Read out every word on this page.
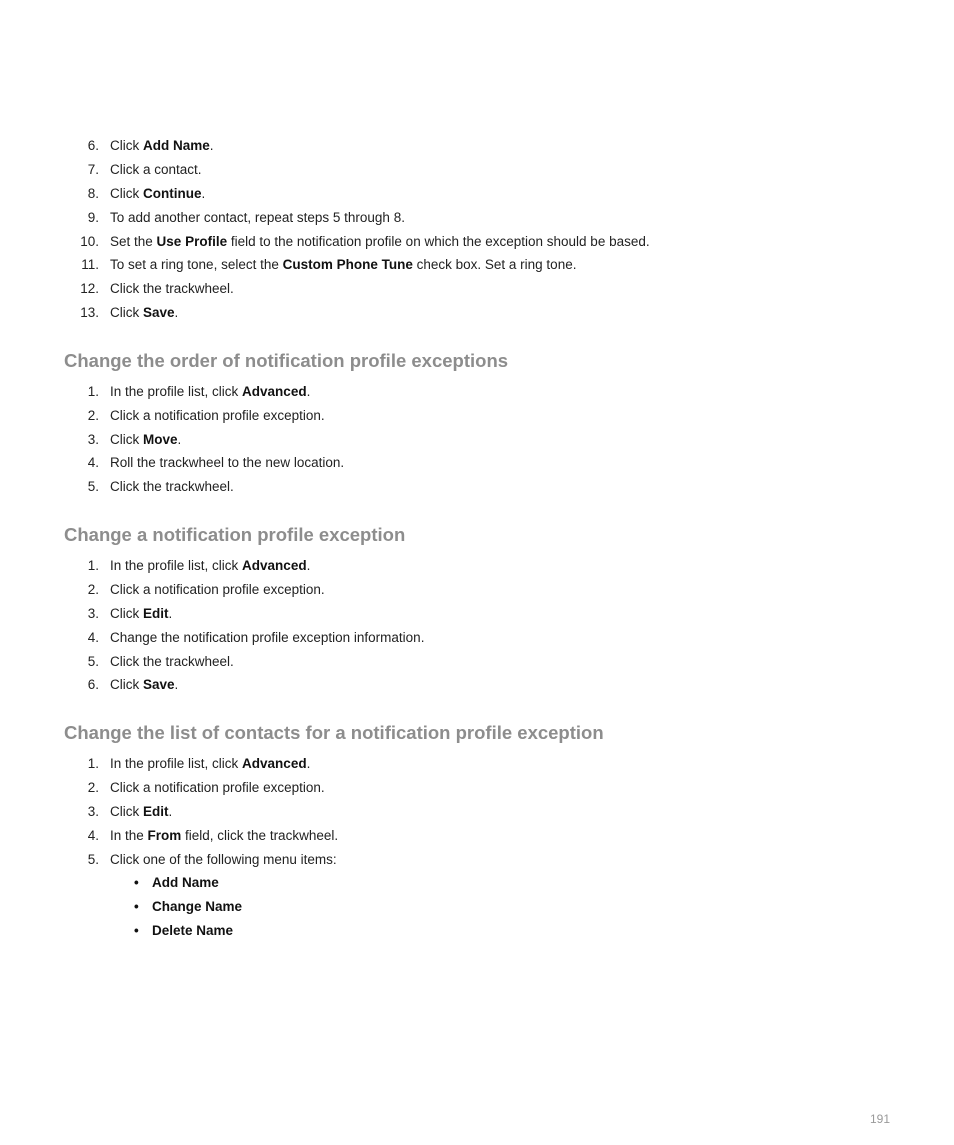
6. Click Add Name.
7. Click a contact.
8. Click Continue.
9. To add another contact, repeat steps 5 through 8.
10. Set the Use Profile field to the notification profile on which the exception should be based.
11. To set a ring tone, select the Custom Phone Tune check box. Set a ring tone.
12. Click the trackwheel.
13. Click Save.
Change the order of notification profile exceptions
1. In the profile list, click Advanced.
2. Click a notification profile exception.
3. Click Move.
4. Roll the trackwheel to the new location.
5. Click the trackwheel.
Change a notification profile exception
1. In the profile list, click Advanced.
2. Click a notification profile exception.
3. Click Edit.
4. Change the notification profile exception information.
5. Click the trackwheel.
6. Click Save.
Change the list of contacts for a notification profile exception
1. In the profile list, click Advanced.
2. Click a notification profile exception.
3. Click Edit.
4. In the From field, click the trackwheel.
5. Click one of the following menu items:
• Add Name
• Change Name
• Delete Name
191
